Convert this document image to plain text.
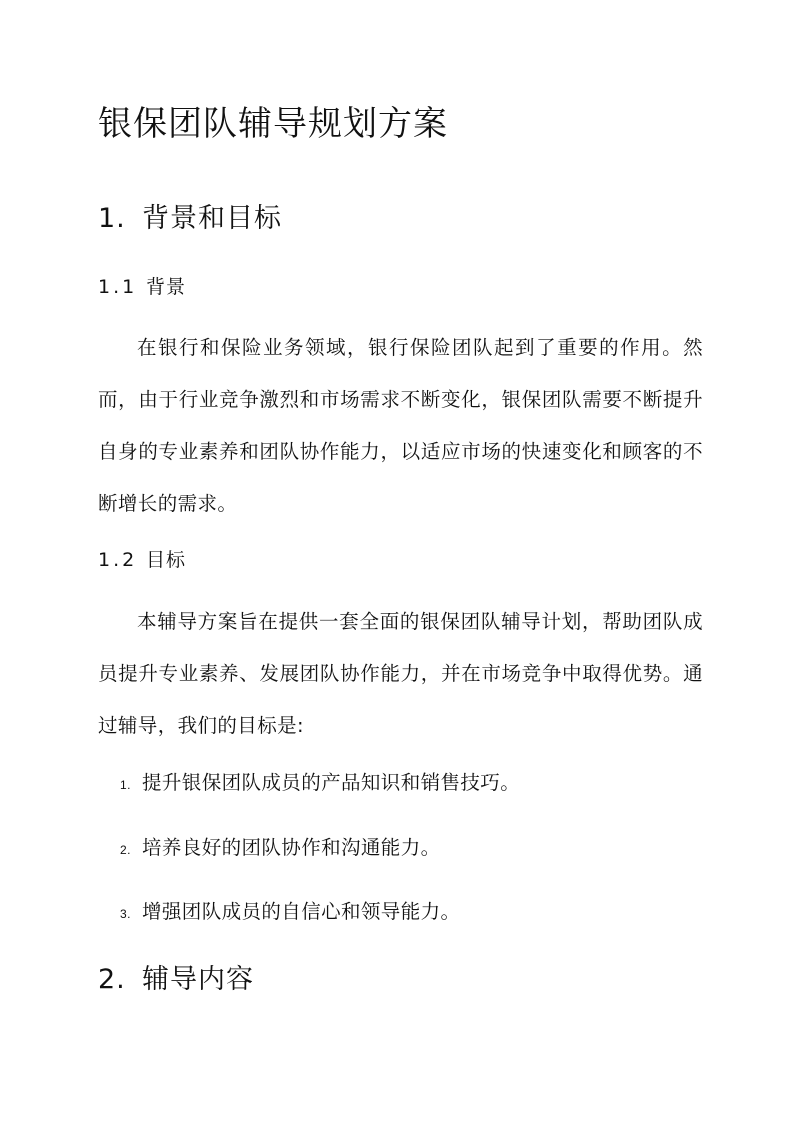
银保团队辅导规划方案
1. 背景和目标
1.1 背景

在银行和保险业务领域，银行保险团队起到了重要的作用。然而，由于行业竞争激烈和市场需求不断变化，银保团队需要不断提升自身的专业素养和团队协作能力，以适应市场的快速变化和顾客的不断增长的需求。

1.2 目标

本辅导方案旨在提供一套全面的银保团队辅导计划，帮助团队成员提升专业素养、发展团队协作能力，并在市场竞争中取得优势。通过辅导，我们的目标是:

1. 提升银保团队成员的产品知识和销售技巧。
2. 培养良好的团队协作和沟通能力。
3. 增强团队成员的自信心和领导能力。
2. 辅导内容
